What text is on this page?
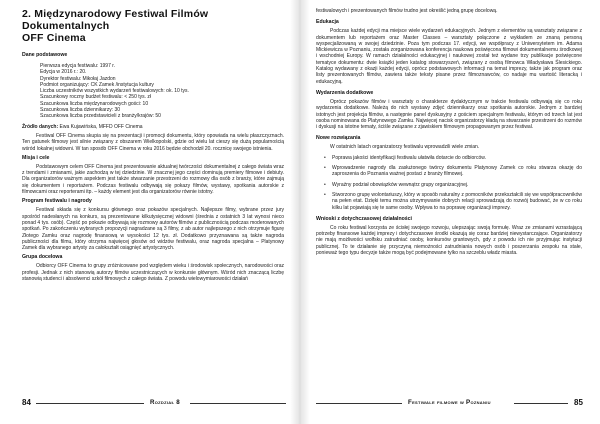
2. Międzynarodowy Festiwal Filmów Dokumentalnych
OFF Cinema
Dane podstawowe
Pierwsza edycja festiwalu: 1997 r.
Edycja w 2016 r.: 20.
Dyrektor festiwalu: Mikołaj Jazdon
Podmiot organizujący: CK Zamek /instytucja kultury
Liczba uczestników wszystkich wydarzeń festiwalowych: ok. 10 tys.
Szacunkowy roczny budżet festiwalu: < 250 tys. zł
Szacunkowa liczba międzynarodowych gości: 10
Szacunkowa liczba dziennikarzy: 30
Szacunkowa liczba przedstawicieli z branży/krajów: 50
Źródło danych: Ewa Kujawińska, MFFD OFF Cinema

Festiwal OFF Cinema skupia się na prezentacji i promocji dokumentu, który opowiada na wielu płaszczyznach. Ten gatunek filmowy jest silnie związany z obszarem Wielkopolski, gdzie od wielu lat cieszy się dużą popularnością wśród lokalnej widowni. W tan sposób OFF Cinema w roku 2016 będzie obchodził 20. rocznicę swojego istnienia.

Misja i cele

Podstawowym celem OFF Cinema jest prezentowanie aktualnej twórczości dokumentalnej z całego świata wraz z trendami i zmianami, jakie zachodzą w tej dziedzinie. W znacznej jego części dominują premiery filmowe i debiuty. Dla organizatorów ważnym aspektem jest także stwarzanie przestrzeni do rozmowy dla osób z branży, które zajmują się dokumentem i reportażem. Podczas festiwalu odbywają się pokazy filmów, wystawy, spotkania autorskie z filmowcami oraz reporterami itp. – każdy element jest dla organizatorów równie istotny.

Program festiwalu i nagrody

Festiwal składa się z konkursu głównego oraz pokazów specjalnych. Najlepsze filmy, wybrane przez jury spośród nadesłanych na konkurs, są prezentowane kilkutysięcznej widowni (średnia z ostatnich 3 lat wynosi nieco ponad 4 tys. osób). Część po pokazie odbywają się rozmowy autorów filmów z publicznością podczas moderowanych spotkań. Po zakończeniu wybranych propozycji nagradzane są 3 filmy, z ab autor najlepszego z nich otrzymuje figurę Złotego Zamku oraz nagrodę finansową w wysokości 12 tys. zł. Dodatkowo przyznawana są także nagroda publiczności dla filmu, który otrzyma najwięcej głosów od widzów festiwalu, oraz nagroda specjalna – Platynowy Zamek dla wybranego artysty za całokształt osiągnięć artystycznych.

Grupa docelowa

Odbiorcy OFF Cinema to grupy zróżnicowane pod względem wieku i środowisk społecznych, narodowości oraz profesji. Jednak z nich stanowią autorzy filmów uczestniczących w konkursie głównym. Wśród nich znaczącą liczbę stanowią studenci i absolwenci szkół filmowych z całego świata. Z powodu wielowymiarowości działań

84	Rozdział 8

festiwalowych i prezentowanych filmów trudno jest określić jedną grupę docelową.

Edukacja

Podczas każdej edycji ma miejsce wiele wydarzeń edukacyjnych. Jednym z elementów są warsztaty związane z dokumentem lub reportażem oraz Master Classes – warsztaty połączone z wykładem ze znaną personą wyspecjalizowaną w swojej dziedzinie. Poza tym podczas 17. edycji, we współpracy z Uniwersytetem im. Adama Mickiewicza w Poznaniu, została zorganizowana konferencja naukowa poświęcona filmowi dokumentalnemu środkowej i wschodniej Europy. W ramach działalności edukacyjnej i naukowej został też wydane trzy publikacje poświęcone tematyce dokumentu: dwie książki jeden katalog stowarzyszeń, związany z osobą filmowca Władysława Ślesickiego. Katalog wydawany z okazji każdej edycji, oprócz podstawowych informacji na temat imprezy, także jak program oraz listy prezentowanych filmów, zawiera także teksty pisane przez filmoznawców, co nadaje mu wartość literacką i edukacyjną.

Wydarzenia dodatkowe

Oprócz pokazów filmów i warsztaty o charakterze dydaktycznym w trakcie festiwalu odbywają się co roku wydarzenia dodatkowe. Należą do nich wystawy zdjęć dziennikarzy oraz spotkania autorskie. Jednym z bardziej istotnych jest projekcja filmów, a następnie panel dyskusyjny z gościem specjalnym festiwalu, którym od trzech lat jest osoba nominowana do Platynowego Zamku. Najwięcej nacisk organizatorzy kładą na stwarzanie przestrzeni do rozmów i dyskusji na istotne tematy, ściśle związane z zjawiskiem filmowym propagowanym przez festiwal.

Nowe rozwiązania

W ostatnich latach organizatorzy festiwalu wprowadzili wiele zmian.

• Poprawa jakości identyfikacji festiwalu ułatwiła dotarcie do odbiorców.
• Wprowadzenie nagrody dla zasłużonego twórcy dokumentu Platynowy Zamek co roku stwarza okazję do zaproszenia do Poznania ważnej postaci z branży filmowej.
• Wyraźny podział obowiązków wewnątrz grupy organizacyjnej.
• Stworzono grupę wolontariuszy, który w sposób naturalny z pomocników przekształcili się we współpracowników na pełen etat. Dzięki temu można utrzymywanie dobrych relacji sprowadzają do rozwój budować, że w co roku kilku lat pojawiają się te same osoby. Wpływa to na poprawę organizacji imprezy.
Wnioski z dotychczasowej działalności

Co roku festiwal korzysta ze ścisłej swojego rozwoju, ulepszając swoją formułę. Wraz ze zmianami wzrastającą potrzeby finansowe każdej imprezy i dotychczasowe środki okazują się coraz bardziej niewystarczające. Organizatorzy nie mają możliwości wolfsku zatrudniać osoby, konkursów grantowych, gdy z powodu ich nie przyjmując instytucji publicznej. To te działanie się przyczyną niemożności zatrudniania nowych osób i poszerzania zespołu na stałe, ponieważ tego typu decyzje także mogą być podejmowane tylko na szczeblu władz miasta.

Festiwale filmowe w Poznaniu	85
